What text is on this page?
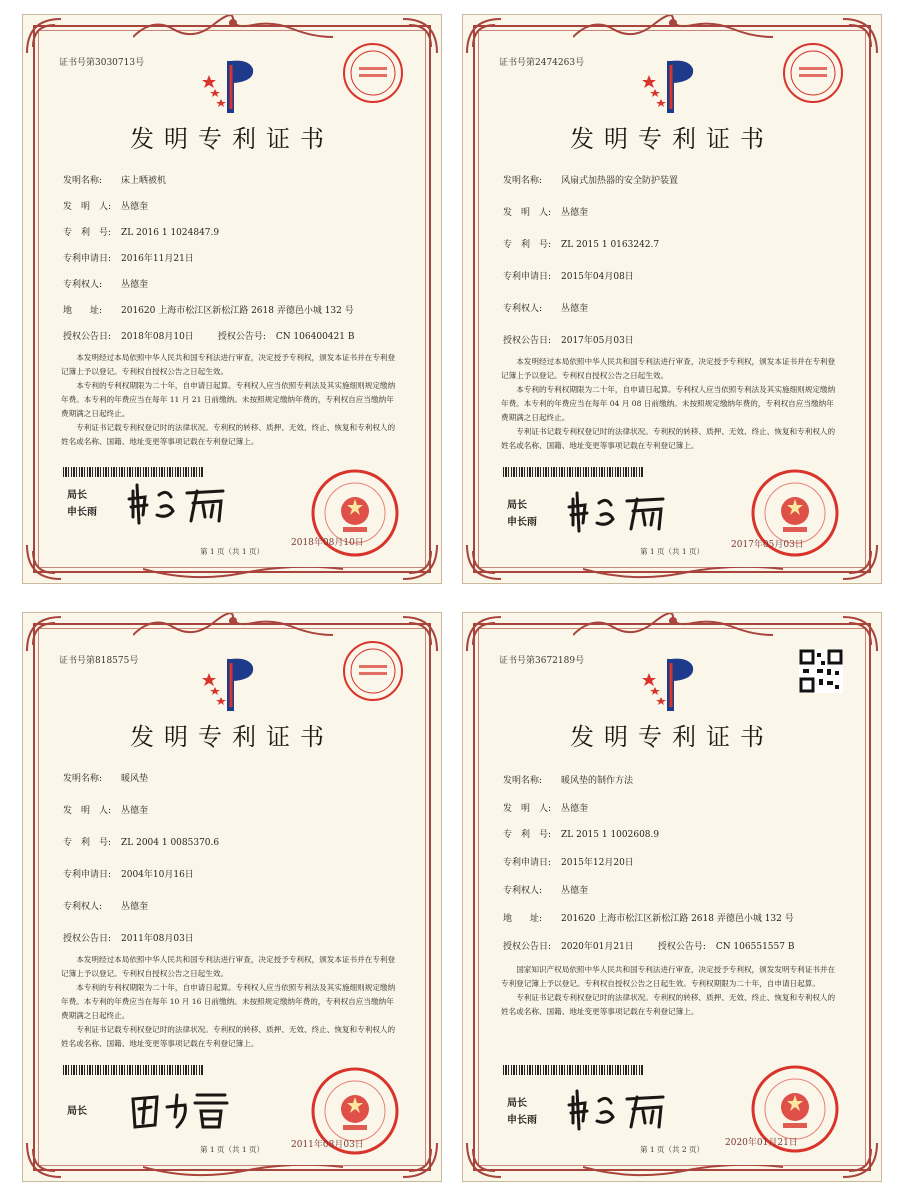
证书号第3030713号
发明专利证书
发明名称: 床上晒被机
发　明　人: 丛德奎
专　利　号: ZL 2016 1 1024847.9
专利申请日: 2016年11月21日
专利权人: 丛德奎
地　　址: 201620 上海市松江区新松江路 2618 弄德邑小城 132 号
授权公告日: 2018年08月10日	授权公告号: CN 106400421 B

本发明经过本局依照中华人民共和国专利法进行审查，决定授予专利权，颁发本证书并在专利登记簿上予以登记。专利权自授权公告之日起生效。

本专利的专利权期限为二十年，自申请日起算。专利权人应当依照专利法及其实施细则规定缴纳年费。本专利的年费应当在每年 11 月 21 日前缴纳。未按照规定缴纳年费的，专利权自应当缴纳年费期满之日起终止。

专利证书记载专利权登记时的法律状况。专利权的转移、质押、无效、终止、恢复和专利权人的姓名或名称、国籍、地址变更等事项记载在专利登记簿上。

局长
申长雨
2018年08月10日
第 1 页（共 1 页）
证书号第2474263号
发明专利证书
发明名称: 风扇式加热器的安全防护装置
发　明　人: 丛德奎
专　利　号: ZL 2015 1 0163242.7
专利申请日: 2015年04月08日
专利权人: 丛德奎
授权公告日: 2017年05月03日

本发明经过本局依照中华人民共和国专利法进行审查，决定授予专利权，颁发本证书并在专利登记簿上予以登记。专利权自授权公告之日起生效。

本专利的专利权期限为二十年，自申请日起算。专利权人应当依照专利法及其实施细则规定缴纳年费。本专利的年费应当在每年 04 月 08 日前缴纳。未按照规定缴纳年费的，专利权自应当缴纳年费期满之日起终止。

专利证书记载专利权登记时的法律状况。专利权的转移、质押、无效、终止、恢复和专利权人的姓名或名称、国籍、地址变更等事项记载在专利登记簿上。

局长
申长雨
2017年05月03日
第 1 页（共 1 页）
证书号第818575号
发明专利证书
发明名称: 暖风垫
发　明　人: 丛德奎
专　利　号: ZL 2004 1 0085370.6
专利申请日: 2004年10月16日
专利权人: 丛德奎
授权公告日: 2011年08月03日

本发明经过本局依照中华人民共和国专利法进行审查，决定授予专利权，颁发本证书并在专利登记簿上予以登记。专利权自授权公告之日起生效。

本专利的专利权期限为二十年，自申请日起算。专利权人应当依照专利法及其实施细则规定缴纳年费。本专利的年费应当在每年 10 月 16 日前缴纳。未按照规定缴纳年费的，专利权自应当缴纳年费期满之日起终止。

专利证书记载专利权登记时的法律状况。专利权的转移、质押、无效、终止、恢复和专利权人的姓名或名称、国籍、地址变更等事项记载在专利登记簿上。

局长
2011年08月03日
第 1 页（共 1 页）
证书号第3672189号
发明专利证书
发明名称: 暖风垫的制作方法
发　明　人: 丛德奎
专　利　号: ZL 2015 1 1002608.9
专利申请日: 2015年12月20日
专利权人: 丛德奎
地　　址: 201620 上海市松江区新松江路 2618 弄德邑小城 132 号
授权公告日: 2020年01月21日	授权公告号: CN 106551557 B

国家知识产权局依照中华人民共和国专利法进行审查，决定授予专利权，颁发发明专利证书并在专利登记簿上予以登记。专利权自授权公告之日起生效。专利权期限为二十年，自申请日起算。

专利证书记载专利权登记时的法律状况。专利权的转移、质押、无效、终止、恢复和专利权人的姓名或名称、国籍、地址变更等事项记载在专利登记簿上。

局长
申长雨
2020年01月21日
第 1 页（共 2 页）
